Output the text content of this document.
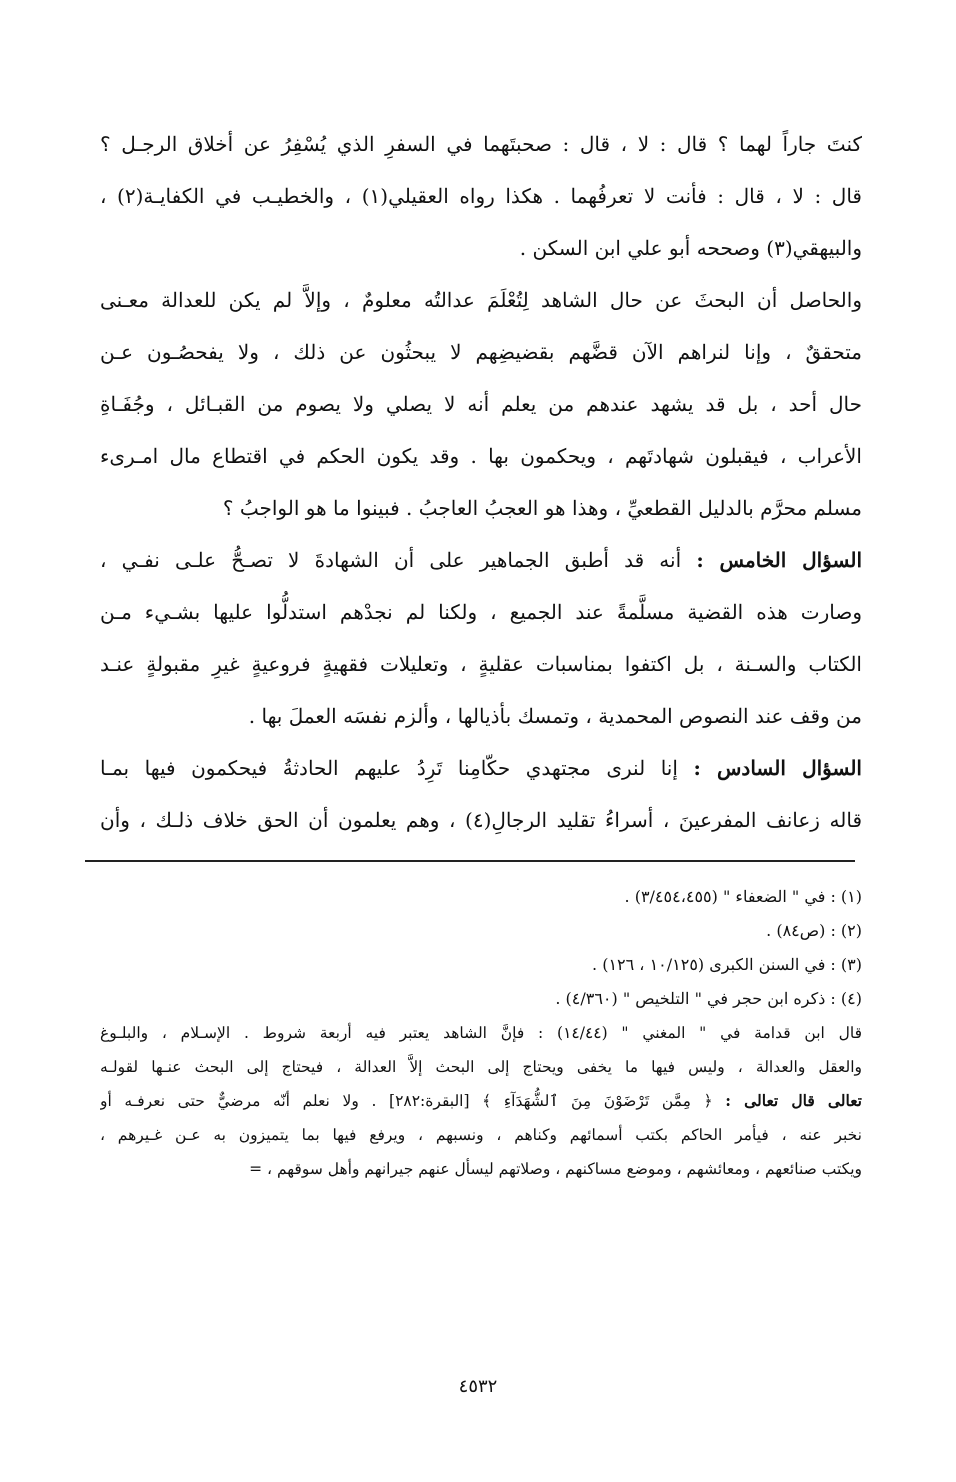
كنتَ جاراً لهما ؟ قال : لا ، قال : صحبتَهما في السفرِ الذي يُسْفِرُ عن أخلاق الرجـل ؟
قال : لا ، قال : فأنت لا تعرفُهما . هكذا رواه العقيلي(١) ، والخطيـب في الكفايـة(٢) ،
والبيهقي(٣) وصححه أبو علي ابن السكن .
والحاصل أن البحثَ عن حال الشاهد لِتُعْلَمَ عدالتُه معلومٌ ، وإلاَّ لم يكن للعدالة معـنى
متحققٌ ، وإنا لنراهم الآن قضَّهم بقضيضِهم لا يبحثُون عن ذلك ، ولا يفحصُـون عـن
حال أحد ، بل قد يشهد عندهم من يعلم أنه لا يصلي ولا يصوم من القبـائل ، وجُفَـاةِ
الأعراب ، فيقبلون شهادتَهم ، ويحكمون بها . وقد يكون الحكم في اقتطاع مال امـرىء
مسلم محرَّم بالدليل القطعيِّ ، وهذا هو العجبُ العاجبُ . فبينوا ما هو الواجبُ ؟
السؤال الخامس : أنه قد أطبق الجماهير على أن الشهادةَ لا تصـحُّ علـى نفـي ،
وصارت هذه القضية مسلَّمةً عند الجميع ، ولكنا لم نجدْهم استدلُّوا عليها بشـيء مـن
الكتاب والسـنة ، بل اكتفوا بمناسبات عقليةٍ ، وتعليلات فقهيةٍ فروعيةٍ غيرِ مقبولةٍ عنـد
من وقف عند النصوص المحمدية ، وتمسك بأذيالها ، وألزم نفسَه العملَ بها .
السؤال السادس : إنا لنرى مجتهدي حكّامِنا تَرِدُ عليهم الحادثةُ فيحكمون فيها بمـا
قاله زعانف المفرعينَ ، أسراءُ تقليد الرجالِ(٤) ، وهم يعلمون أن الحق خلاف ذلـك ، وأن
(١) : في " الضعفاء " (٣/٤٥٤،٤٥٥) .
(٢) : (ص٨٤) .
(٣) : في السنن الكبرى (١٠/١٢٥ ، ١٢٦) .
(٤) : ذكره ابن حجر في " التلخيص " (٤/٣٦٠) .
قال ابن قدامة في " المغني " (١٤/٤٤) : فإنَّ الشاهد يعتبر فيه أربعة شروط . الإسـلام ، والبلـوغ
والعقل والعدالة ، وليس فيها ما يخفى ويحتاج إلى البحث إلاَّ العدالة ، فيحتاج إلى البحث عنـها لقولـه
تعالى قال تعالى : ﴿ مِمَّن تَرْضَوْنَ مِنَ ٱلشُّهَدَآءِ ﴾ [البقرة:٢٨٢] . ولا نعلم أنّه مرضيٌّ حتى نعرفـه أو
نخبر عنه ، فيأمر الحاكم بكتب أسمائهم وكناهم ، ونسبهم ، ويرفع فيها بما يتميزون به عـن غـيرهم ،
ويكتب صنائعهم ، ومعائشهم ، وموضع مساكنهم ، وصلاتهم ليسأل عنهم جيرانهم وأهل سوقهم ، =
٤٥٣٢
